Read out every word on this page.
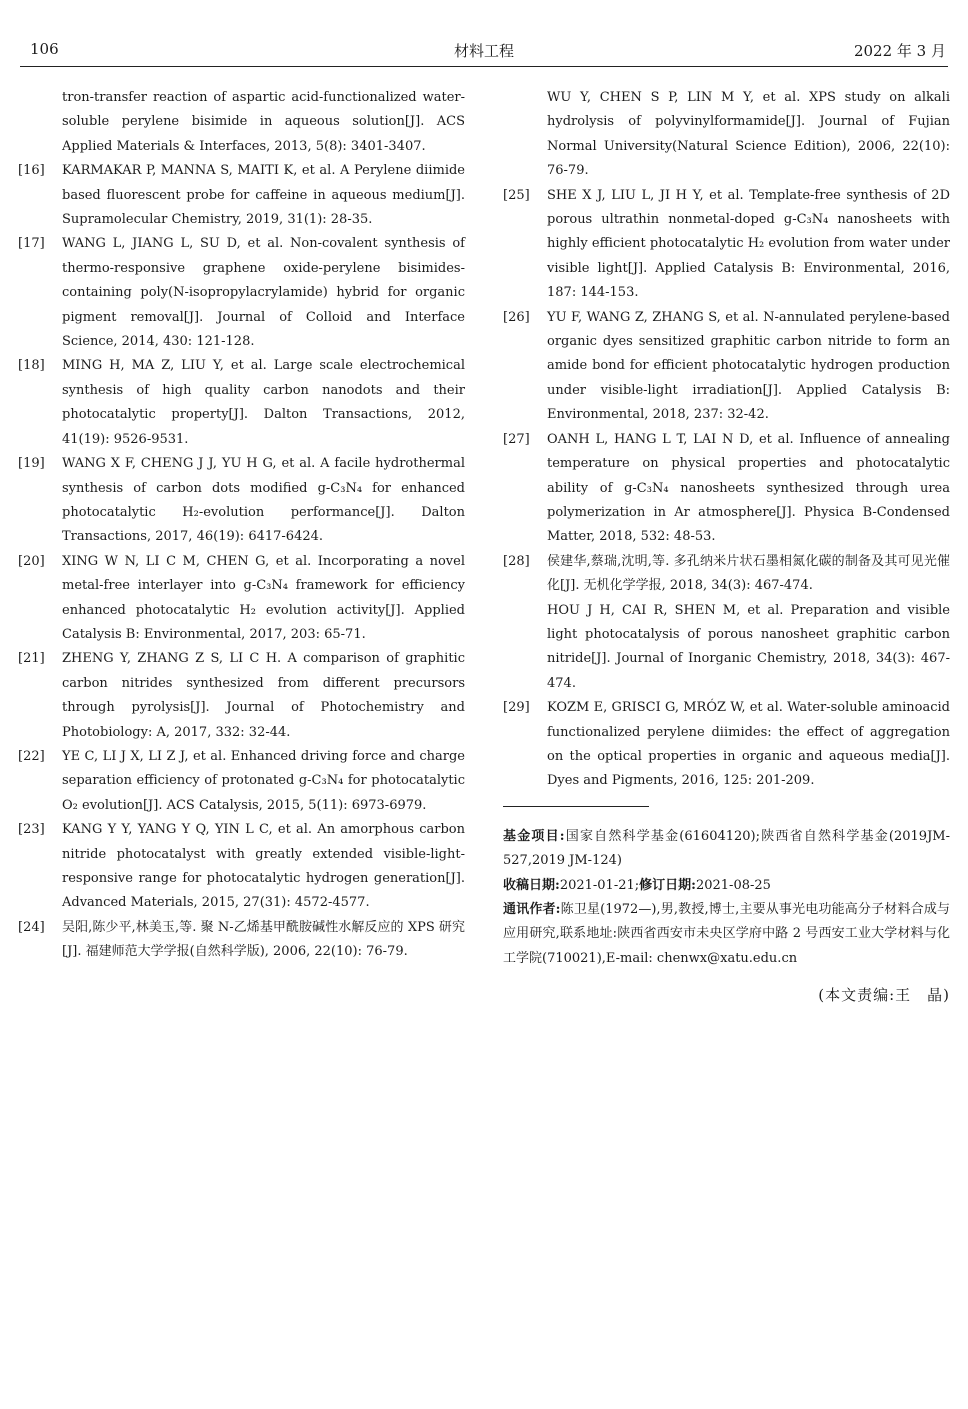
106	材料工程	2022 年 3 月
tron-transfer reaction of aspartic acid-functionalized water-soluble perylene bisimide in aqueous solution[J]. ACS Applied Materials & Interfaces, 2013, 5(8): 3401-3407.
[16] KARMAKAR P, MANNA S, MAITI K, et al. A Perylene diimide based fluorescent probe for caffeine in aqueous medium[J]. Supramolecular Chemistry, 2019, 31(1): 28-35.
[17] WANG L, JIANG L, SU D, et al. Non-covalent synthesis of thermo-responsive graphene oxide-perylene bisimides-containing poly(N-isopropylacrylamide) hybrid for organic pigment removal[J]. Journal of Colloid and Interface Science, 2014, 430: 121-128.
[18] MING H, MA Z, LIU Y, et al. Large scale electrochemical synthesis of high quality carbon nanodots and their photocatalytic property[J]. Dalton Transactions, 2012, 41(19): 9526-9531.
[19] WANG X F, CHENG J J, YU H G, et al. A facile hydrothermal synthesis of carbon dots modified g-C₃N₄ for enhanced photocatalytic H₂-evolution performance[J]. Dalton Transactions, 2017, 46(19): 6417-6424.
[20] XING W N, LI C M, CHEN G, et al. Incorporating a novel metal-free interlayer into g-C₃N₄ framework for efficiency enhanced photocatalytic H₂ evolution activity[J]. Applied Catalysis B: Environmental, 2017, 203: 65-71.
[21] ZHENG Y, ZHANG Z S, LI C H. A comparison of graphitic carbon nitrides synthesized from different precursors through pyrolysis[J]. Journal of Photochemistry and Photobiology: A, 2017, 332: 32-44.
[22] YE C, LI J X, LI Z J, et al. Enhanced driving force and charge separation efficiency of protonated g-C₃N₄ for photocatalytic O₂ evolution[J]. ACS Catalysis, 2015, 5(11): 6973-6979.
[23] KANG Y Y, YANG Y Q, YIN L C, et al. An amorphous carbon nitride photocatalyst with greatly extended visible-light-responsive range for photocatalytic hydrogen generation[J]. Advanced Materials, 2015, 27(31): 4572-4577.
[24] 吴阳,陈少平,林美玉,等. 聚 N-乙烯基甲酰胺碱性水解反应的 XPS 研究[J]. 福建师范大学学报(自然科学版), 2006, 22(10): 76-79.
WU Y, CHEN S P, LIN M Y, et al. XPS study on alkali hydrolysis of polyvinylformamide[J]. Journal of Fujian Normal University(Natural Science Edition), 2006, 22(10): 76-79.
[25] SHE X J, LIU L, JI H Y, et al. Template-free synthesis of 2D porous ultrathin nonmetal-doped g-C₃N₄ nanosheets with highly efficient photocatalytic H₂ evolution from water under visible light[J]. Applied Catalysis B: Environmental, 2016, 187: 144-153.
[26] YU F, WANG Z, ZHANG S, et al. N-annulated perylene-based organic dyes sensitized graphitic carbon nitride to form an amide bond for efficient photocatalytic hydrogen production under visible-light irradiation[J]. Applied Catalysis B: Environmental, 2018, 237: 32-42.
[27] OANH L, HANG L T, LAI N D, et al. Influence of annealing temperature on physical properties and photocatalytic ability of g-C₃N₄ nanosheets synthesized through urea polymerization in Ar atmosphere[J]. Physica B-Condensed Matter, 2018, 532: 48-53.
[28] 侯建华,蔡瑞,沈明,等. 多孔纳米片状石墨相氮化碳的制备及其可见光催化[J]. 无机化学学报, 2018, 34(3): 467-474.
HOU J H, CAI R, SHEN M, et al. Preparation and visible light photocatalysis of porous nanosheet graphitic carbon nitride[J]. Journal of Inorganic Chemistry, 2018, 34(3): 467-474.
[29] KOZM E, GRISCI G, MRÓZ W, et al. Water-soluble aminoacid functionalized perylene diimides: the effect of aggregation on the optical properties in organic and aqueous media[J]. Dyes and Pigments, 2016, 125: 201-209.
基金项目:国家自然科学基金(61604120);陕西省自然科学基金(2019JM-527,2019 JM-124)
收稿日期:2021-01-21;修订日期:2021-08-25
通讯作者:陈卫星(1972—),男,教授,博士,主要从事光电功能高分子材料合成与应用研究,联系地址:陕西省西安市未央区学府中路 2 号西安工业大学材料与化工学院(710021),E-mail: chenwx@xatu.edu.cn
(本文责编:王　晶)
